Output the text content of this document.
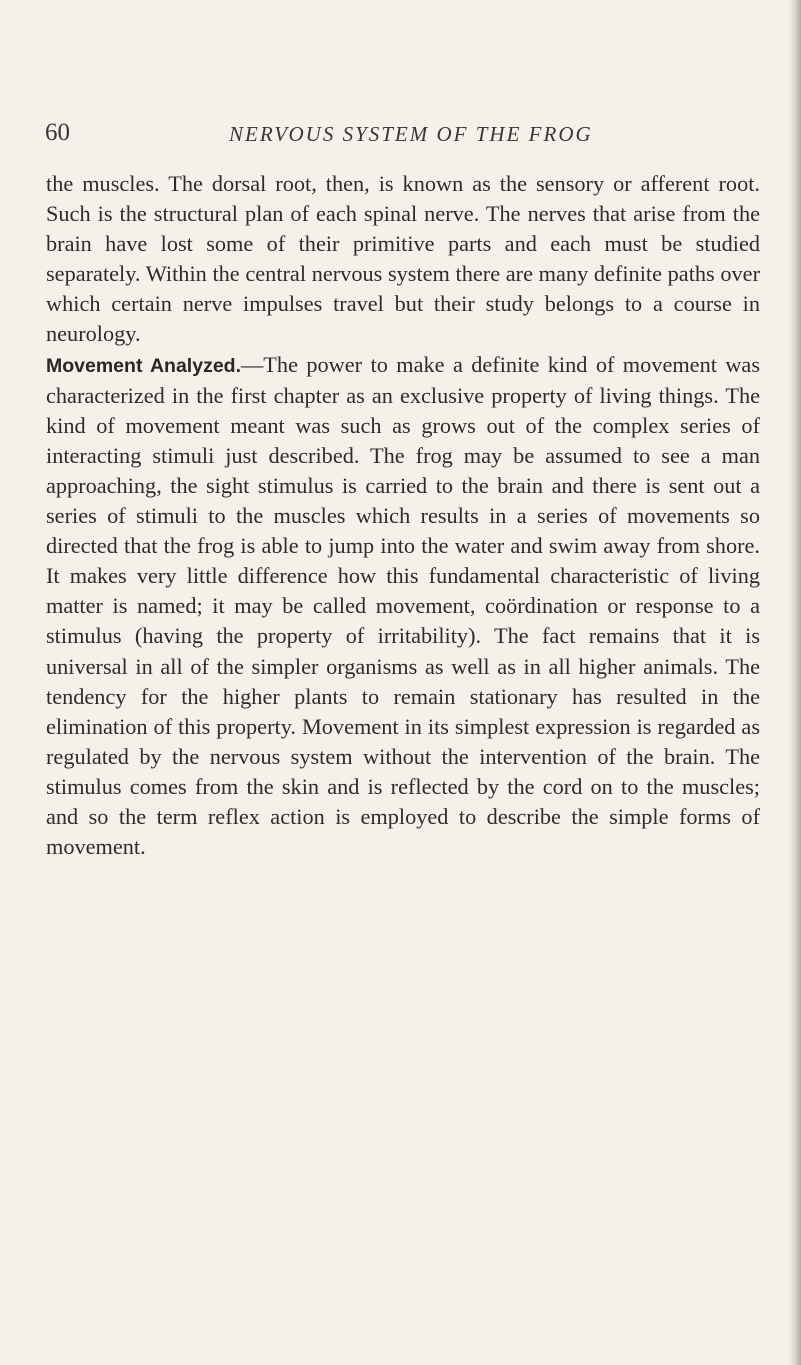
60	NERVOUS SYSTEM OF THE FROG

the muscles. The dorsal root, then, is known as the sensory or afferent root. Such is the structural plan of each spinal nerve. The nerves that arise from the brain have lost some of their primitive parts and each must be studied separately. Within the central nervous system there are many definite paths over which certain nerve impulses travel but their study belongs to a course in neurology.

Movement Analyzed.—The power to make a definite kind of movement was characterized in the first chapter as an exclusive property of living things. The kind of movement meant was such as grows out of the complex series of interacting stimuli just described. The frog may be assumed to see a man approaching, the sight stimulus is carried to the brain and there is sent out a series of stimuli to the muscles which results in a series of movements so directed that the frog is able to jump into the water and swim away from shore. It makes very little difference how this fundamental characteristic of living matter is named; it may be called movement, coördination or response to a stimulus (having the property of irritability). The fact remains that it is universal in all of the simpler organisms as well as in all higher animals. The tendency for the higher plants to remain stationary has resulted in the elimination of this property. Movement in its simplest expression is regarded as regulated by the nervous system without the intervention of the brain. The stimulus comes from the skin and is reflected by the cord on to the muscles; and so the term reflex action is employed to describe the simple forms of movement.
